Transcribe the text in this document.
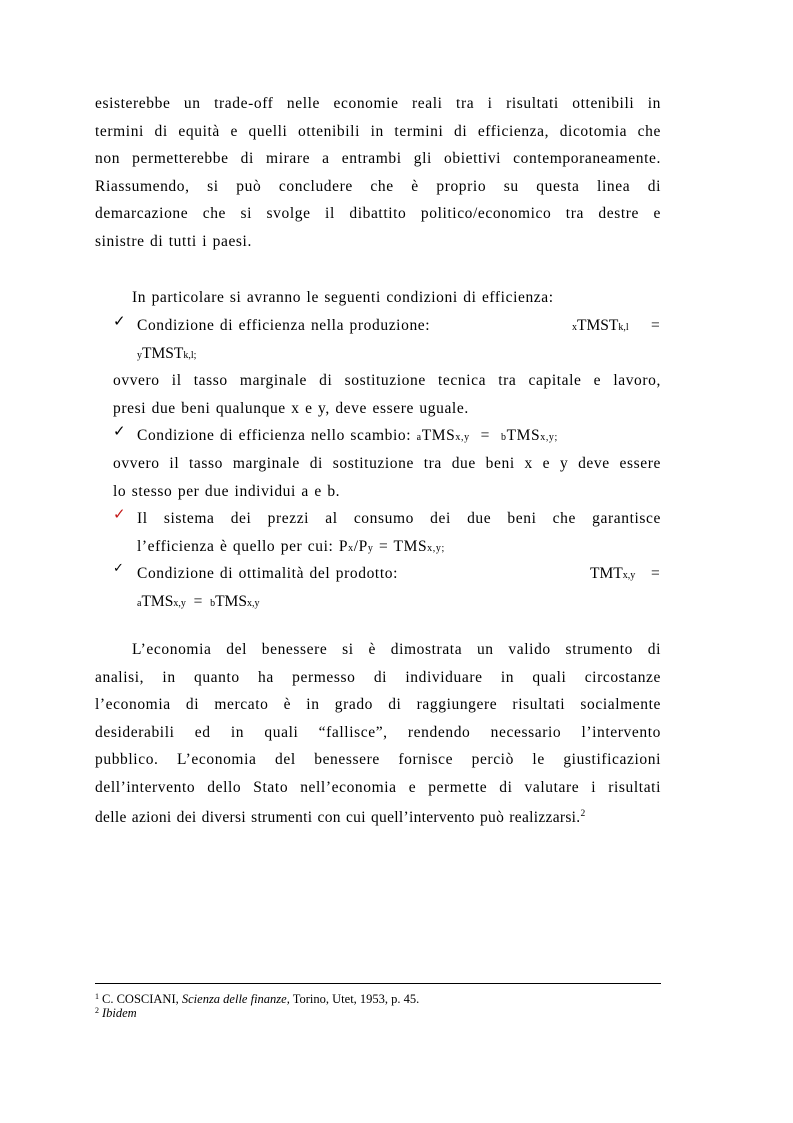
esisterebbe un trade-off nelle economie reali tra i risultati ottenibili in
termini di equità e quelli ottenibili in termini di efficienza, dicotomia che
non permetterebbe di mirare a entrambi gli obiettivi contemporaneamente.
Riassumendo, si può concludere che è proprio su questa linea di
demarcazione che si svolge il dibattito politico/economico tra destre e
sinistre di tutti i paesi.
In particolare si avranno le seguenti condizioni di efficienza:
✓ Condizione di efficienza nella produzione:	xTMSTk,l =
yTMSTk,l;
ovvero il tasso marginale di sostituzione tecnica tra capitale e lavoro,
presi due beni qualunque x e y, deve essere uguale.
✓ Condizione di efficienza nello scambio: aTMSx,y = bTMSx,y;
ovvero il tasso marginale di sostituzione tra due beni x e y deve essere
lo stesso per due individui a e b.
✓ Il sistema dei prezzi al consumo dei due beni che garantisce
l’efficienza è quello per cui: Px/Py = TMSx,y;
✓ Condizione di ottimalità del prodotto:	TMTx,y =
aTMSx,y = bTMSx,y
L’economia del benessere si è dimostrata un valido strumento di
analisi, in quanto ha permesso di individuare in quali circostanze
l’economia di mercato è in grado di raggiungere risultati socialmente
desiderabili ed in quali “fallisce”, rendendo necessario l’intervento
pubblico. L’economia del benessere fornisce perciò le giustificazioni
dell’intervento dello Stato nell’economia e permette di valutare i risultati
delle azioni dei diversi strumenti con cui quell’intervento può realizzarsi.$^2$
$^1$ C. COSCIANI, Scienza delle finanze, Torino, Utet, 1953, p. 45.
$^2$ Ibidem
